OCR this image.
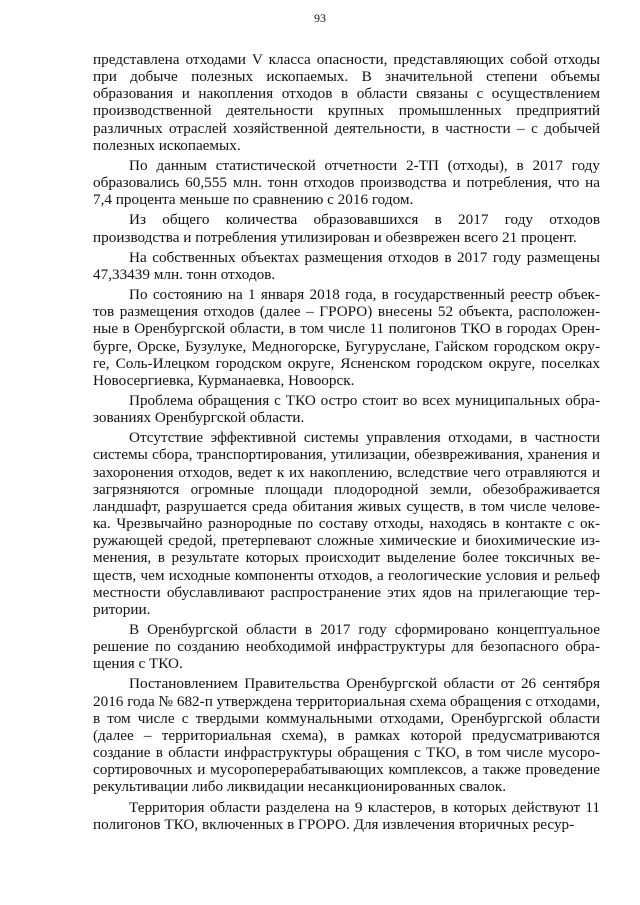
93

представлена отходами V класса опасности, представляющих собой отходы при добыче полезных ископаемых. В значительной степени объемы образования и накопления отходов в области связаны с осуществлением производственной деятельности крупных промышленных предприятий различных отраслей хозяйственной деятельности, в частности – с добычей полезных ископаемых.

По данным статистической отчетности 2-ТП (отходы), в 2017 году образовались 60,555 млн. тонн отходов производства и потребления, что на 7,4 процента меньше по сравнению с 2016 годом.

Из общего количества образовавшихся в 2017 году отходов производства и потребления утилизирован и обезврежен всего 21 процент.

На собственных объектах размещения отходов в 2017 году размещены 47,33439 млн. тонн отходов.

По состоянию на 1 января 2018 года, в государственный реестр объектов размещения отходов (далее – ГРОРО) внесены 52 объекта, расположенные в Оренбургской области, в том числе 11 полигонов ТКО в городах Оренбурге, Орске, Бузулуке, Медногорске, Бугуруслане, Гайском городском округе, Соль-Илецком городском округе, Ясненском городском округе, поселках Новосергиевка, Курманаевка, Новоорск.

Проблема обращения с ТКО остро стоит во всех муниципальных образованиях Оренбургской области.

Отсутствие эффективной системы управления отходами, в частности системы сбора, транспортирования, утилизации, обезвреживания, хранения и захоронения отходов, ведет к их накоплению, вследствие чего отравляются и загрязняются огромные площади плодородной земли, обезображивается ландшафт, разрушается среда обитания живых существ, в том числе человека. Чрезвычайно разнородные по составу отходы, находясь в контакте с окружающей средой, претерпевают сложные химические и биохимические изменения, в результате которых происходит выделение более токсичных веществ, чем исходные компоненты отходов, а геологические условия и рельеф местности обуславливают распространение этих ядов на прилегающие территории.

В Оренбургской области в 2017 году сформировано концептуальное решение по созданию необходимой инфраструктуры для безопасного обращения с ТКО.

Постановлением Правительства Оренбургской области от 26 сентября 2016 года № 682-п утверждена территориальная схема обращения с отходами, в том числе с твердыми коммунальными отходами, Оренбургской области (далее – территориальная схема), в рамках которой предусматриваются создание в области инфраструктуры обращения с ТКО, в том числе мусоросортировочных и мусороперерабатывающих комплексов, а также проведение рекультивации либо ликвидации несанкционированных свалок.

Территория области разделена на 9 кластеров, в которых действуют 11 полигонов ТКО, включенных в ГРОРО. Для извлечения вторичных ресур-
